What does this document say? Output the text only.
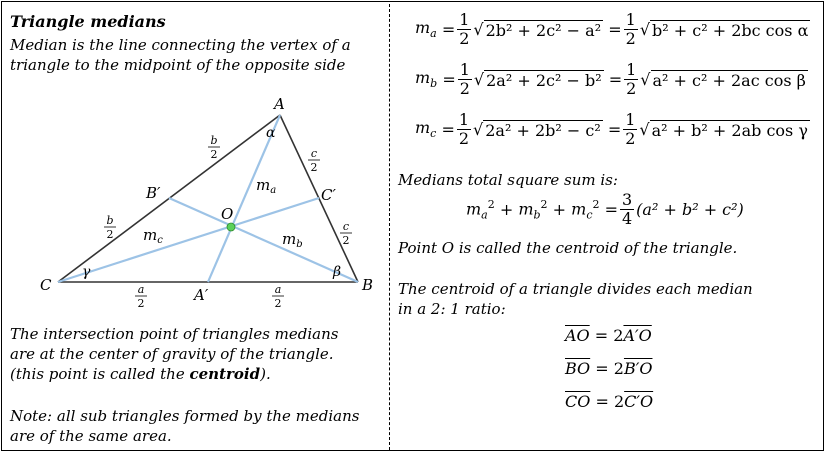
Triangle medians
Median is the line connecting the vertex of a
triangle to the midpoint of the opposite side
A
B
C
A′
B′	C′
O
α
β
γ
$m_a$
$m_b$
$m_c$
b
2
b
2
c
2
c
2
a
2
a
2
The intersection point of triangles medians
are at the center of gravity of the triangle.
(this point is called the centroid).
Note: all sub triangles formed by the medians
are of the same area.
$m_a$
= $\frac{1}{2}$ √ 2b² + 2c² − a²
= $\frac{1}{2}$ √ b² + c² + 2bc cos α
$m_b$
= $\frac{1}{2}$ √ 2a² + 2c² − b²
= $\frac{1}{2}$ √ a² + c² + 2ac cos β
$m_c$
= $\frac{1}{2}$ √ 2a² + 2b² − c²
= $\frac{1}{2}$ √ a² + b² + 2ab cos γ
Medians total square sum is:
$m_a^2$
+
$m_b^2$
+
$m_c^2$
= $\frac{3}{4} (a^2 + b^2 + c^2)$
Point O is called the centroid of the triangle.
The centroid of a triangle divides each median
in a 2: 1 ratio:
$\overline{AO}$
=
2 A′O
$\overline{BO}$
=
2 B′O
$\overline{CO}$
=
2 C′O
